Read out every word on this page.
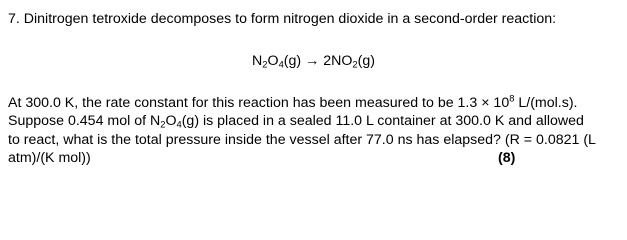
7. Dinitrogen tetroxide decomposes to form nitrogen dioxide in a second-order reaction:
$N_2O_4(g) \to 2NO_2(g)$
At 300.0 K, the rate constant for this reaction has been measured to be $1.3 \times 10^8$ L/(mol.s).
Suppose 0.454 mol of $N_2O_4(g)$ is placed in a sealed 11.0 L container at 300.0 K and allowed
to react, what is the total pressure inside the vessel after 77.0 ns has elapsed? (R = 0.0821 (L
atm)/(K mol))	(8)
